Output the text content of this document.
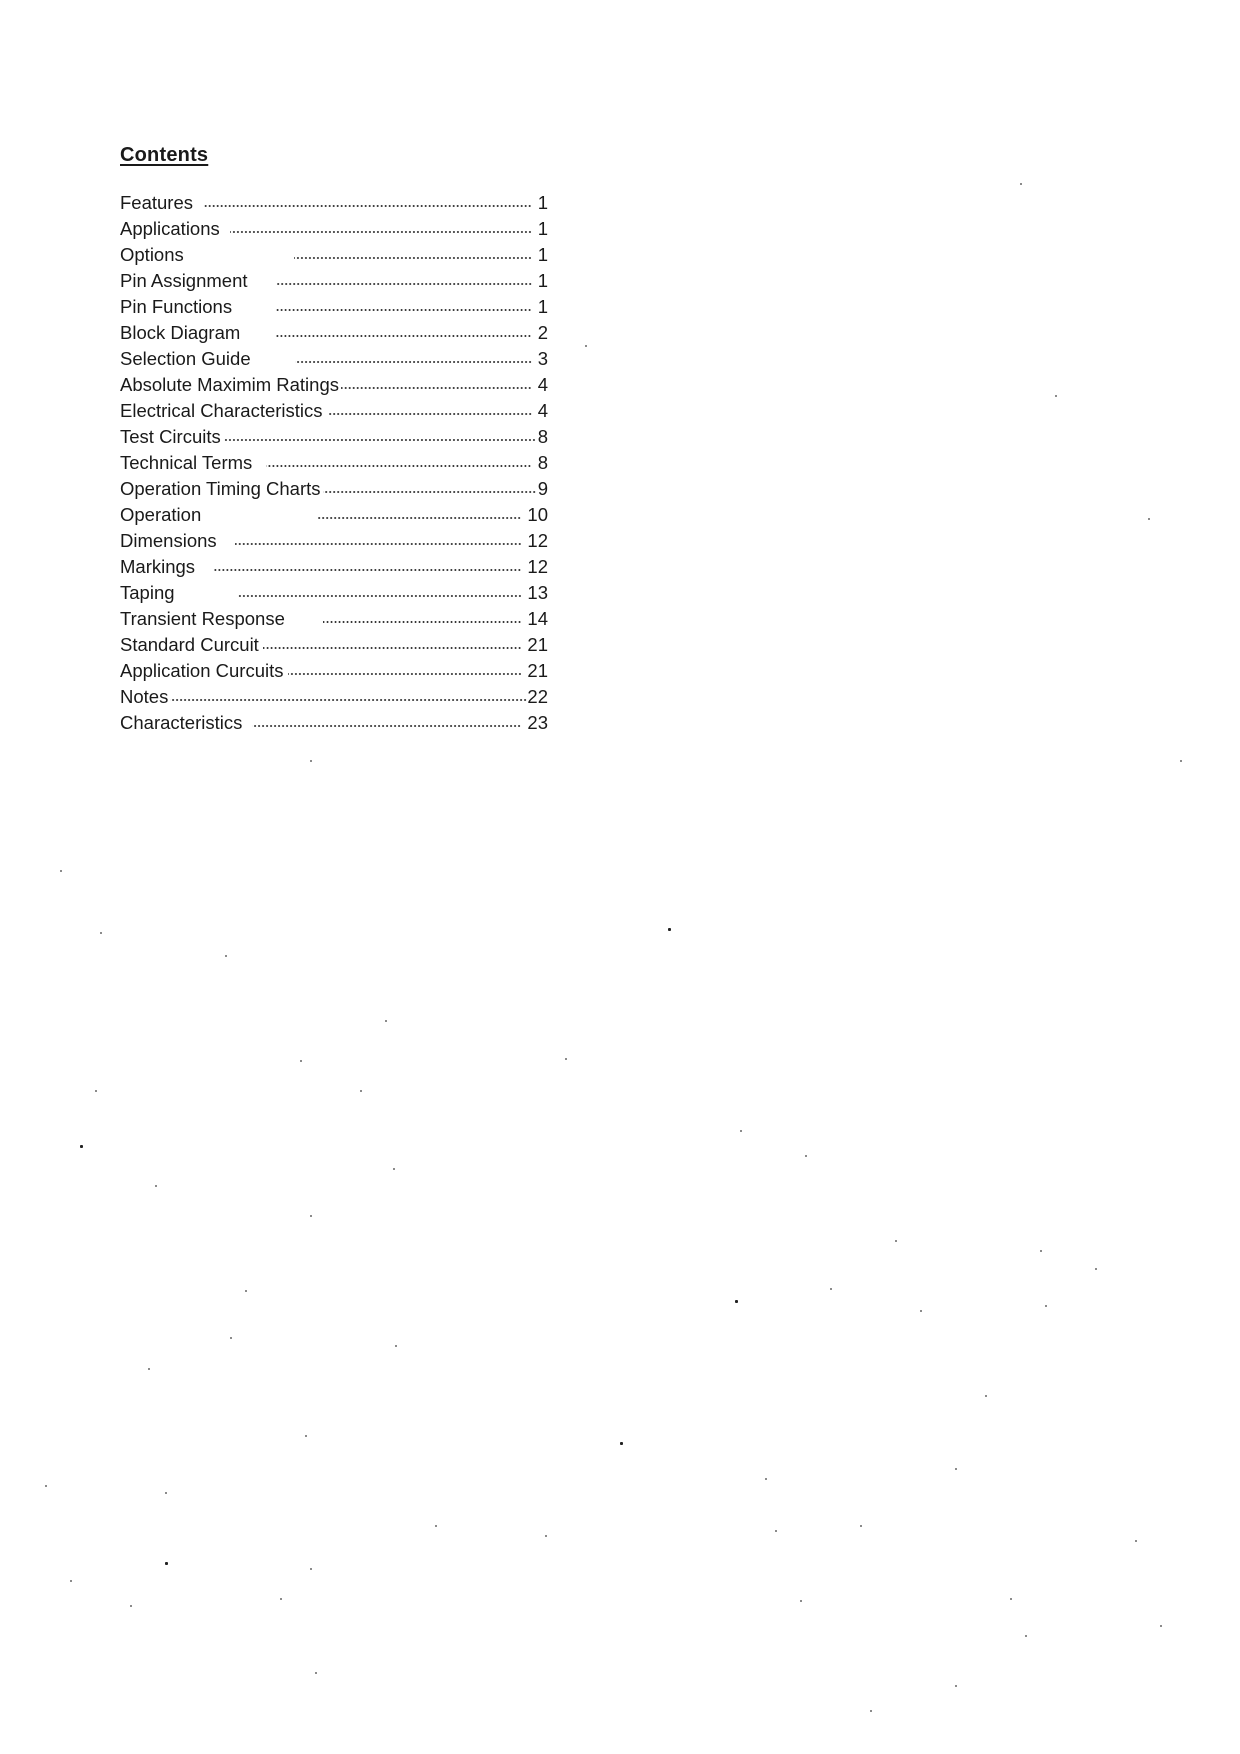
Contents
Features	1
Applications	1
Options	1
Pin Assignment	1
Pin Functions	1
Block Diagram	2
Selection Guide	3
Absolute Maximim Ratings	4
Electrical Characteristics	4
Test Circuits	8
Technical Terms	8
Operation Timing Charts	9
Operation	10
Dimensions	12
Markings	12
Taping	13
Transient Response	14
Standard Curcuit	21
Application Curcuits	21
Notes	22
Characteristics	23
